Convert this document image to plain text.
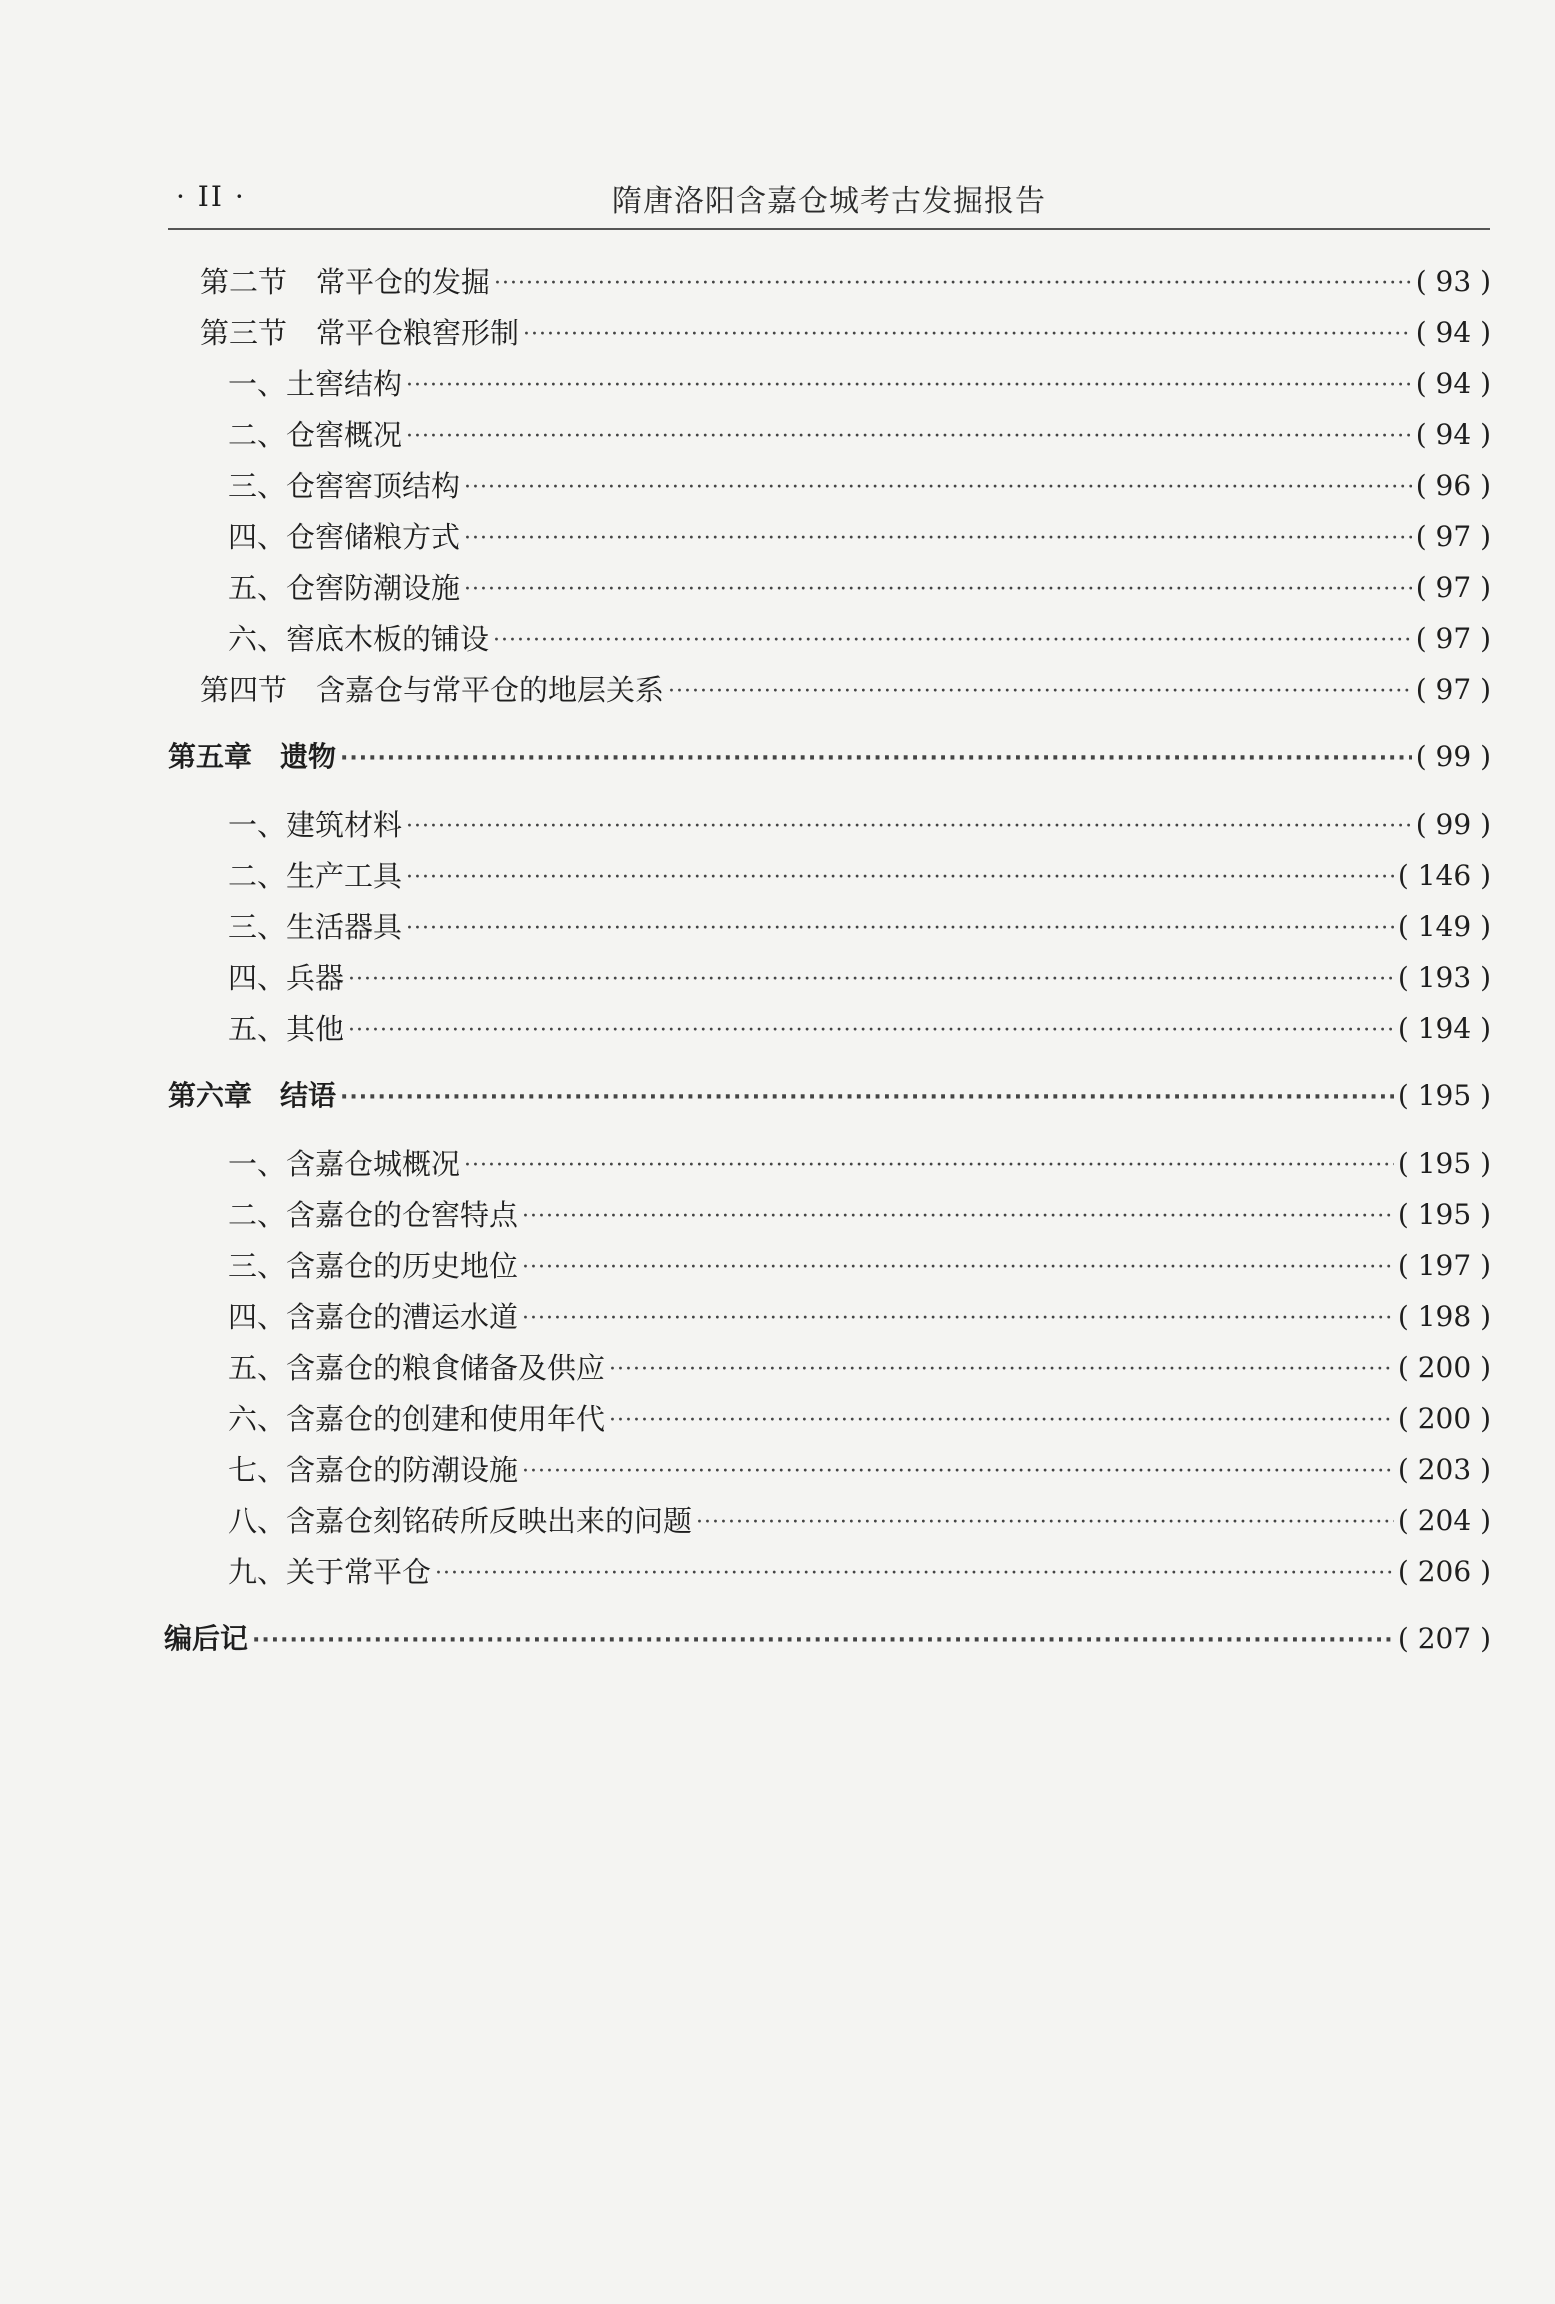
· II ·	隋唐洛阳含嘉仓城考古发掘报告
第二节　常平仓的发掘 ·····	( 93 )
第三节　常平仓粮窖形制 ·····	( 94 )
一、土窖结构 ·····	( 94 )
二、仓窖概况 ·····	( 94 )
三、仓窖窖顶结构 ·····	( 96 )
四、仓窖储粮方式 ·····	( 97 )
五、仓窖防潮设施 ·····	( 97 )
六、窖底木板的铺设 ·····	( 97 )
第四节　含嘉仓与常平仓的地层关系 ·····	( 97 )
第五章　遗物 ·····	( 99 )
一、建筑材料 ·····	( 99 )
二、生产工具 ·····	( 146 )
三、生活器具 ·····	( 149 )
四、兵器 ·····	( 193 )
五、其他 ·····	( 194 )
第六章　结语 ·····	( 195 )
一、含嘉仓城概况 ·····	( 195 )
二、含嘉仓的仓窖特点 ·····	( 195 )
三、含嘉仓的历史地位 ·····	( 197 )
四、含嘉仓的漕运水道 ·····	( 198 )
五、含嘉仓的粮食储备及供应 ·····	( 200 )
六、含嘉仓的创建和使用年代 ·····	( 200 )
七、含嘉仓的防潮设施 ·····	( 203 )
八、含嘉仓刻铭砖所反映出来的问题 ·····	( 204 )
九、关于常平仓 ·····	( 206 )
编后记 ·····	( 207 )
